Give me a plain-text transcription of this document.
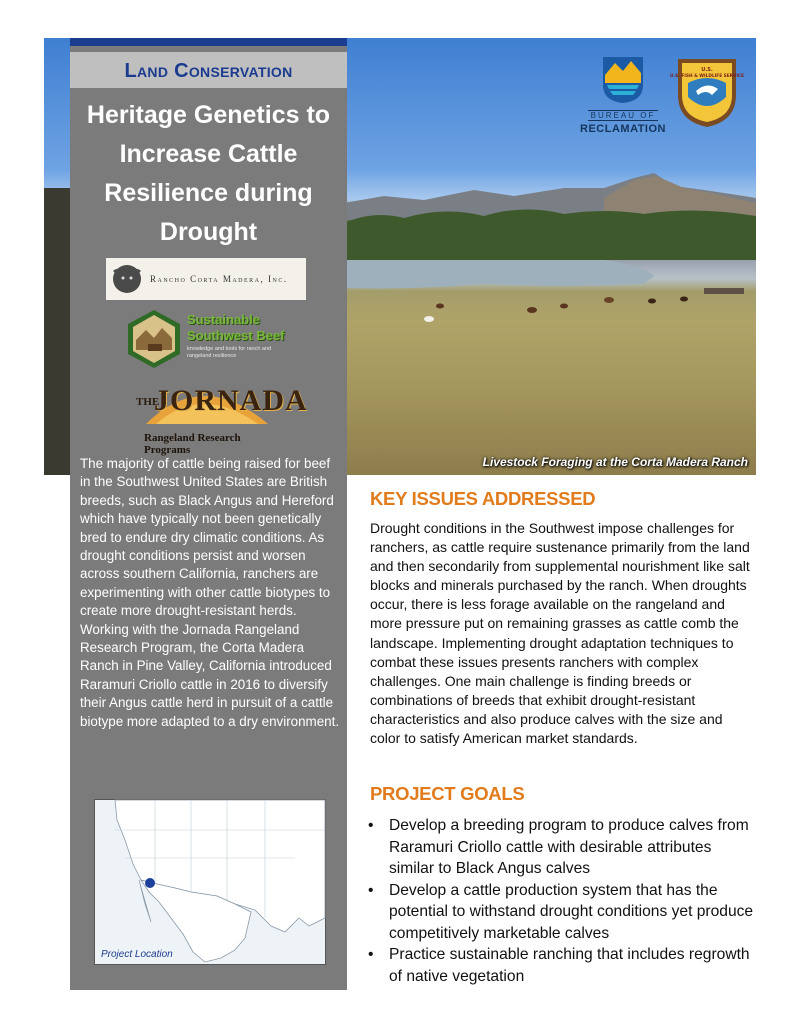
Livestock Foraging at the Corta Madera Ranch
BUREAU OF
RECLAMATION
U.S.
U.S. FISH & WILDLIFE SERVICE
Land Conservation
Heritage Genetics to Increase Cattle Resilience during Drought
Rancho Corta Madera, Inc.
Sustainable
Southwest Beef
knowledge and tools for ranch and rangeland resilience
THE
JORNADA
Rangeland Research Programs
The majority of cattle being raised for beef in the Southwest United States are British breeds, such as Black Angus and Hereford which have typically not been genetically bred to endure dry climatic conditions. As drought conditions persist and worsen across southern California, ranchers are experimenting with other cattle biotypes to create more drought-resistant herds. Working with the Jornada Rangeland Research Program, the Corta Madera Ranch in Pine Valley, California introduced Raramuri Criollo cattle in 2016 to diversify their Angus cattle herd in pursuit of a cattle biotype more adapted to a dry environment.
Project Location
KEY ISSUES ADDRESSED
Drought conditions in the Southwest impose challenges for ranchers, as cattle require sustenance primarily from the land and then secondarily from supplemental nourishment like salt blocks and minerals purchased by the ranch. When droughts occur, there is less forage available on the rangeland and more pressure put on remaining grasses as cattle comb the landscape. Implementing drought adaptation techniques to combat these issues presents ranchers with complex challenges. One main challenge is finding breeds or combinations of breeds that exhibit drought-resistant characteristics and also produce calves with the size and color to satisfy American market standards.
PROJECT GOALS
• Develop a breeding program to produce calves from Raramuri Criollo cattle with desirable attributes similar to Black Angus calves
• Develop a cattle production system that has the potential to withstand drought conditions yet produce competitively marketable calves
• Practice sustainable ranching that includes regrowth of native vegetation
